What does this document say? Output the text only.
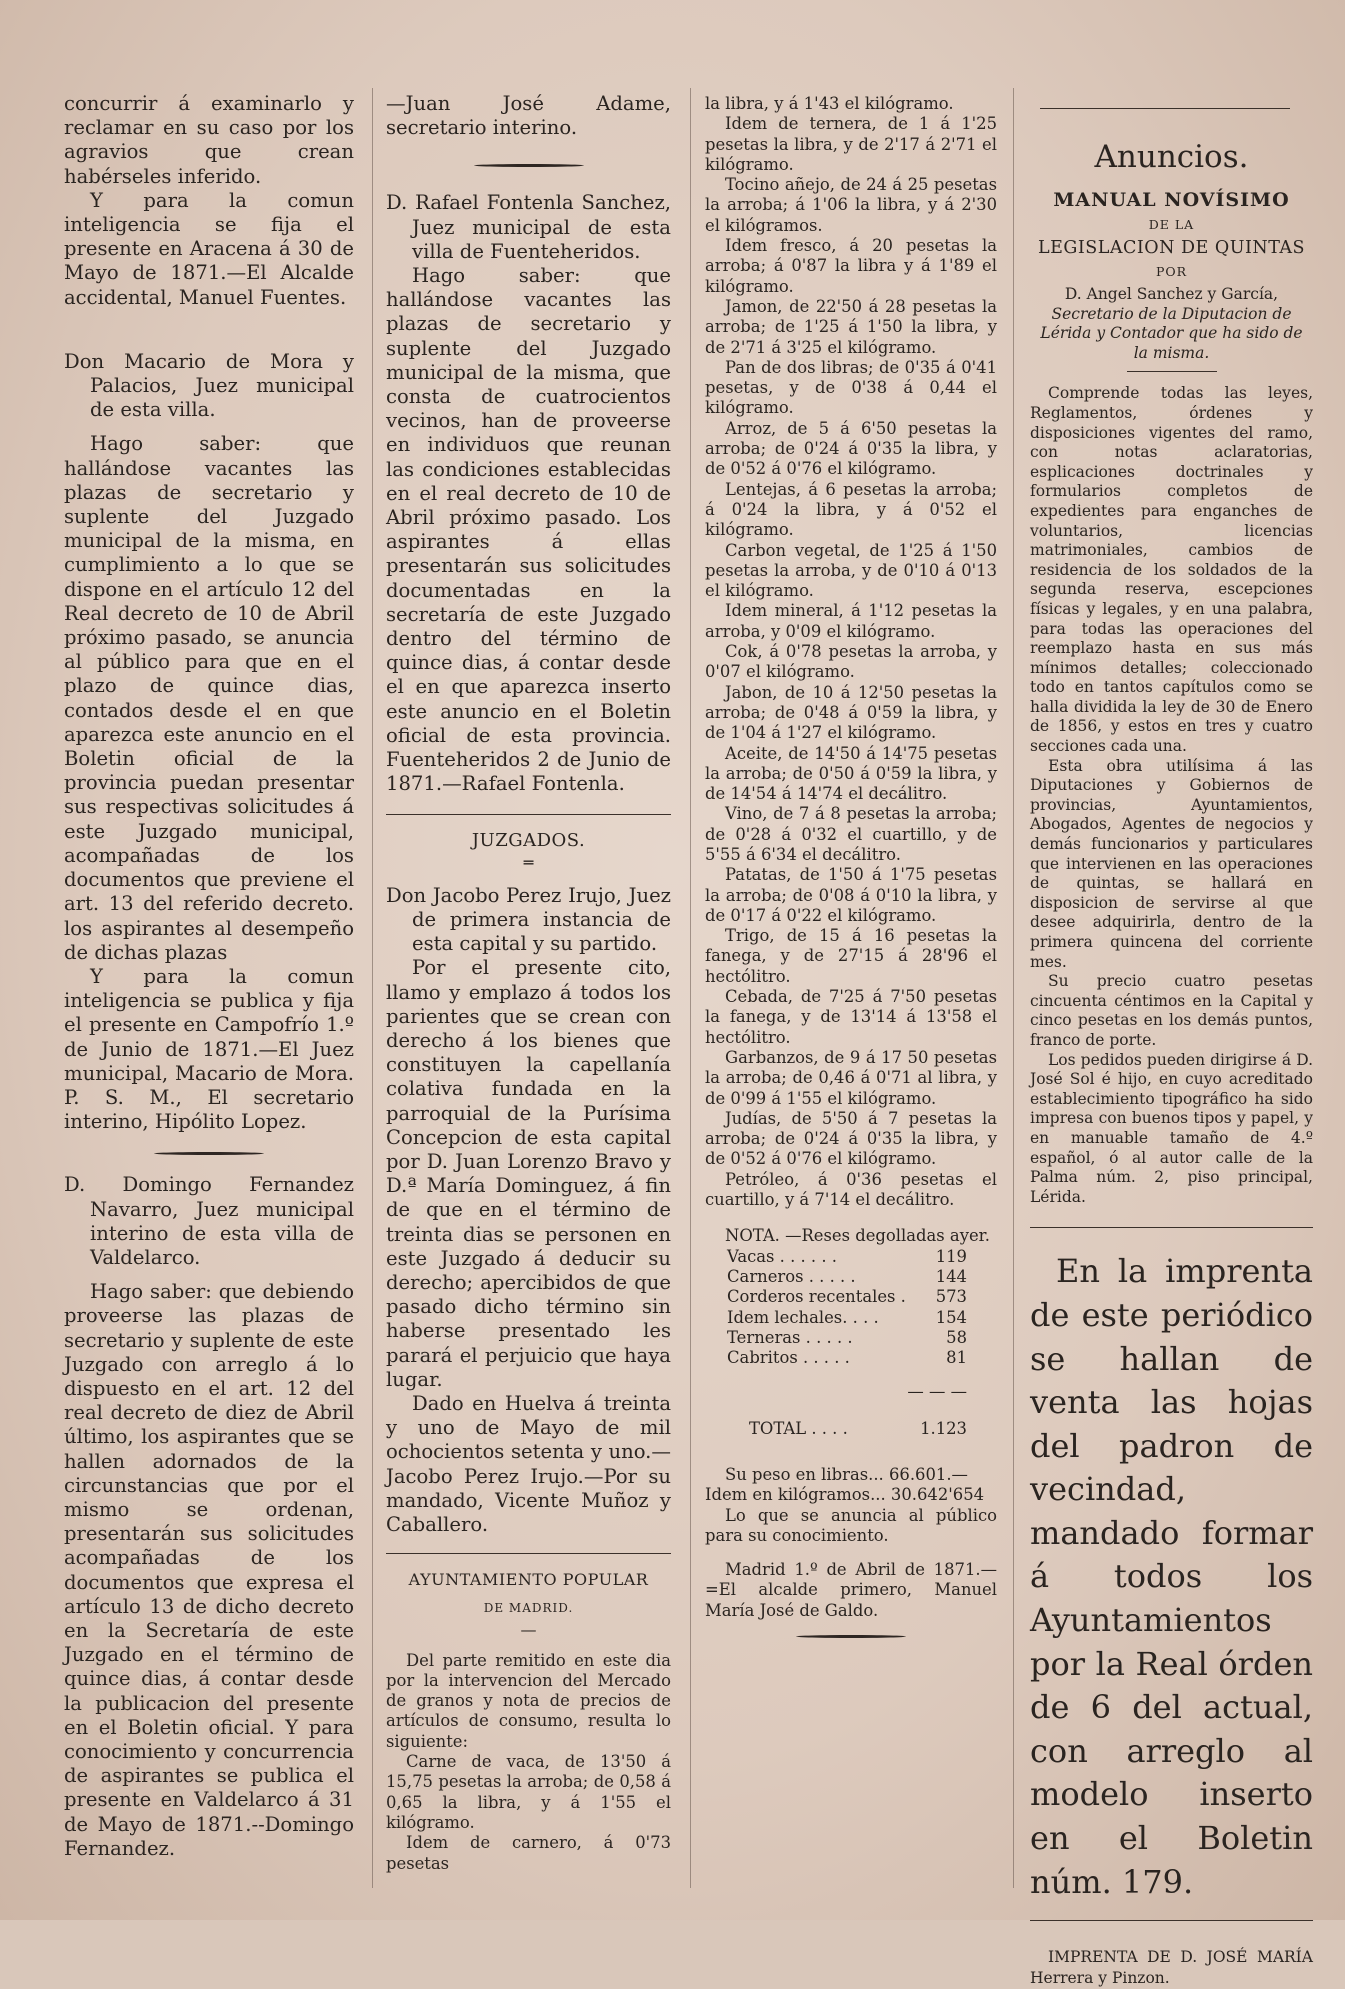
concurrir á examinarlo y reclamar en su caso por los agravios que crean habérseles inferido.

Y para la comun inteligencia se fija el presente en Aracena á 30 de Mayo de 1871.—El Alcalde accidental, Manuel Fuentes.

Don Macario de Mora y Palacios, Juez municipal de esta villa.

Hago saber: que hallándose vacantes las plazas de secretario y suplente del Juzgado municipal de la misma, en cumplimiento a lo que se dispone en el artículo 12 del Real decreto de 10 de Abril próximo pasado, se anuncia al público para que en el plazo de quince dias, contados desde el en que aparezca este anuncio en el Boletin oficial de la provincia puedan presentar sus respectivas solicitudes á este Juzgado municipal, acompañadas de los documentos que previene el art. 13 del referido decreto. los aspirantes al desempeño de dichas plazas

Y para la comun inteligencia se publica y fija el presente en Campofrío 1.º de Junio de 1871.—El Juez municipal, Macario de Mora. P. S. M., El secretario interino, Hipólito Lopez.

D. Domingo Fernandez Navarro, Juez municipal interino de esta villa de Valdelarco.

Hago saber: que debiendo proveerse las plazas de secretario y suplente de este Juzgado con arreglo á lo dispuesto en el art. 12 del real decreto de diez de Abril último, los aspirantes que se hallen adornados de la circunstancias que por el mismo se ordenan, presentarán sus solicitudes acompañadas de los documentos que expresa el artículo 13 de dicho decreto en la Secretaría de este Juzgado en el término de quince dias, á contar desde la publicacion del presente en el Boletin oficial. Y para conocimiento y concurrencia de aspirantes se publica el presente en Valdelarco á 31 de Mayo de 1871.--Domingo Fernandez.

—Juan José Adame, secretario interino.

D. Rafael Fontenla Sanchez, Juez municipal de esta villa de Fuenteheridos.

Hago saber: que hallándose vacantes las plazas de secretario y suplente del Juzgado municipal de la misma, que consta de cuatrocientos vecinos, han de proveerse en individuos que reunan las condiciones establecidas en el real decreto de 10 de Abril próximo pasado. Los aspirantes á ellas presentarán sus solicitudes documentadas en la secretaría de este Juzgado dentro del término de quince dias, á contar desde el en que aparezca inserto este anuncio en el Boletin oficial de esta provincia. Fuenteheridos 2 de Junio de 1871.—Rafael Fontenla.

JUZGADOS.
═

Don Jacobo Perez Irujo, Juez de primera instancia de esta capital y su partido.

Por el presente cito, llamo y emplazo á todos los parientes que se crean con derecho á los bienes que constituyen la capellanía colativa fundada en la parroquial de la Purísima Concepcion de esta capital por D. Juan Lorenzo Bravo y D.ª María Dominguez, á fin de que en el término de treinta dias se personen en este Juzgado á deducir su derecho; apercibidos de que pasado dicho término sin haberse presentado les parará el perjuicio que haya lugar.

Dado en Huelva á treinta y uno de Mayo de mil ochocientos setenta y uno.—Jacobo Perez Irujo.—Por su mandado, Vicente Muñoz y Caballero.

AYUNTAMIENTO POPULAR
DE MADRID.
—

Del parte remitido en este dia por la intervencion del Mercado de granos y nota de precios de artículos de consumo, resulta lo siguiente:

Carne de vaca, de 13'50 á 15,75 pesetas la arroba; de 0,58 á 0,65 la libra, y á 1'55 el kilógramo.

Idem de carnero, á 0'73 pesetas

la libra, y á 1'43 el kilógramo.

Idem de ternera, de 1 á 1'25 pesetas la libra, y de 2'17 á 2'71 el kilógramo.

Tocino añejo, de 24 á 25 pesetas la arroba; á 1'06 la libra, y á 2'30 el kilógramos.

Idem fresco, á 20 pesetas la arroba; á 0'87 la libra y á 1'89 el kilógramo.

Jamon, de 22'50 á 28 pesetas la arroba; de 1'25 á 1'50 la libra, y de 2'71 á 3'25 el kilógramo.

Pan de dos libras; de 0'35 á 0'41 pesetas, y de 0'38 á 0,44 el kilógramo.

Arroz, de 5 á 6'50 pesetas la arroba; de 0'24 á 0'35 la libra, y de 0'52 á 0'76 el kilógramo.

Lentejas, á 6 pesetas la arroba; á 0'24 la libra, y á 0'52 el kilógramo.

Carbon vegetal, de 1'25 á 1'50 pesetas la arroba, y de 0'10 á 0'13 el kilógramo.

Idem mineral, á 1'12 pesetas la arroba, y 0'09 el kilógramo.

Cok, á 0'78 pesetas la arroba, y 0'07 el kilógramo.

Jabon, de 10 á 12'50 pesetas la arroba; de 0'48 á 0'59 la libra, y de 1'04 á 1'27 el kilógramo.

Aceite, de 14'50 á 14'75 pesetas la arroba; de 0'50 á 0'59 la libra, y de 14'54 á 14'74 el decálitro.

Vino, de 7 á 8 pesetas la arroba; de 0'28 á 0'32 el cuartillo, y de 5'55 á 6'34 el decálitro.

Patatas, de 1'50 á 1'75 pesetas la arroba; de 0'08 á 0'10 la libra, y de 0'17 á 0'22 el kilógramo.

Trigo, de 15 á 16 pesetas la fanega, y de 27'15 á 28'96 el hectólitro.

Cebada, de 7'25 á 7'50 pesetas la fanega, y de 13'14 á 13'58 el hectólitro.

Garbanzos, de 9 á 17 50 pesetas la arroba; de 0,46 á 0'71 al libra, y de 0'99 á 1'55 el kilógramo.

Judías, de 5'50 á 7 pesetas la arroba; de 0'24 á 0'35 la libra, y de 0'52 á 0'76 el kilógramo.

Petróleo, á 0'36 pesetas el cuartillo, y á 7'14 el decálitro.

NOTA. —Reses degolladas ayer.

Vacas . . . . . .	119
Carneros . . . . .	144
Corderos recentales .	573
Idem lechales. . . .	154
Terneras . . . . .	58
Cabritos . . . . .	81
	— — —
TOTAL . . . .	1.123

Su peso en libras... 66.601.—

Idem en kilógramos... 30.642'654

Lo que se anuncia al público para su conocimiento.

Madrid 1.º de Abril de 1871.—=El alcalde primero, Manuel María José de Galdo.

Anuncios.
MANUAL NOVÍSIMO
DE LA
LEGISLACION DE QUINTAS
POR
D. Angel Sanchez y García,
Secretario de la Diputacion de Lérida y Contador que ha sido de la misma.

Comprende todas las leyes, Reglamentos, órdenes y disposiciones vigentes del ramo, con notas aclaratorias, esplicaciones doctrinales y formularios completos de expedientes para enganches de voluntarios, licencias matrimoniales, cambios de residencia de los soldados de la segunda reserva, escepciones físicas y legales, y en una palabra, para todas las operaciones del reemplazo hasta en sus más mínimos detalles; coleccionado todo en tantos capítulos como se halla dividida la ley de 30 de Enero de 1856, y estos en tres y cuatro secciones cada una.

Esta obra utilísima á las Diputaciones y Gobiernos de provincias, Ayuntamientos, Abogados, Agentes de negocios y demás funcionarios y particulares que intervienen en las operaciones de quintas, se hallará en disposicion de servirse al que desee adquirirla, dentro de la primera quincena del corriente mes.

Su precio cuatro pesetas cincuenta céntimos en la Capital y cinco pesetas en los demás puntos, franco de porte.

Los pedidos pueden dirigirse á D. José Sol é hijo, en cuyo acreditado establecimiento tipográfico ha sido impresa con buenos tipos y papel, y en manuable tamaño de 4.º español, ó al autor calle de la Palma núm. 2, piso principal, Lérida.

En la imprenta de este periódico se hallan de venta las hojas del padron de vecindad, mandado formar á todos los Ayuntamientos por la Real órden de 6 del actual, con arreglo al modelo inserto en el Boletin núm. 179.

IMPRENTA DE D. JOSÉ MARÍA Herrera y Pinzon.
